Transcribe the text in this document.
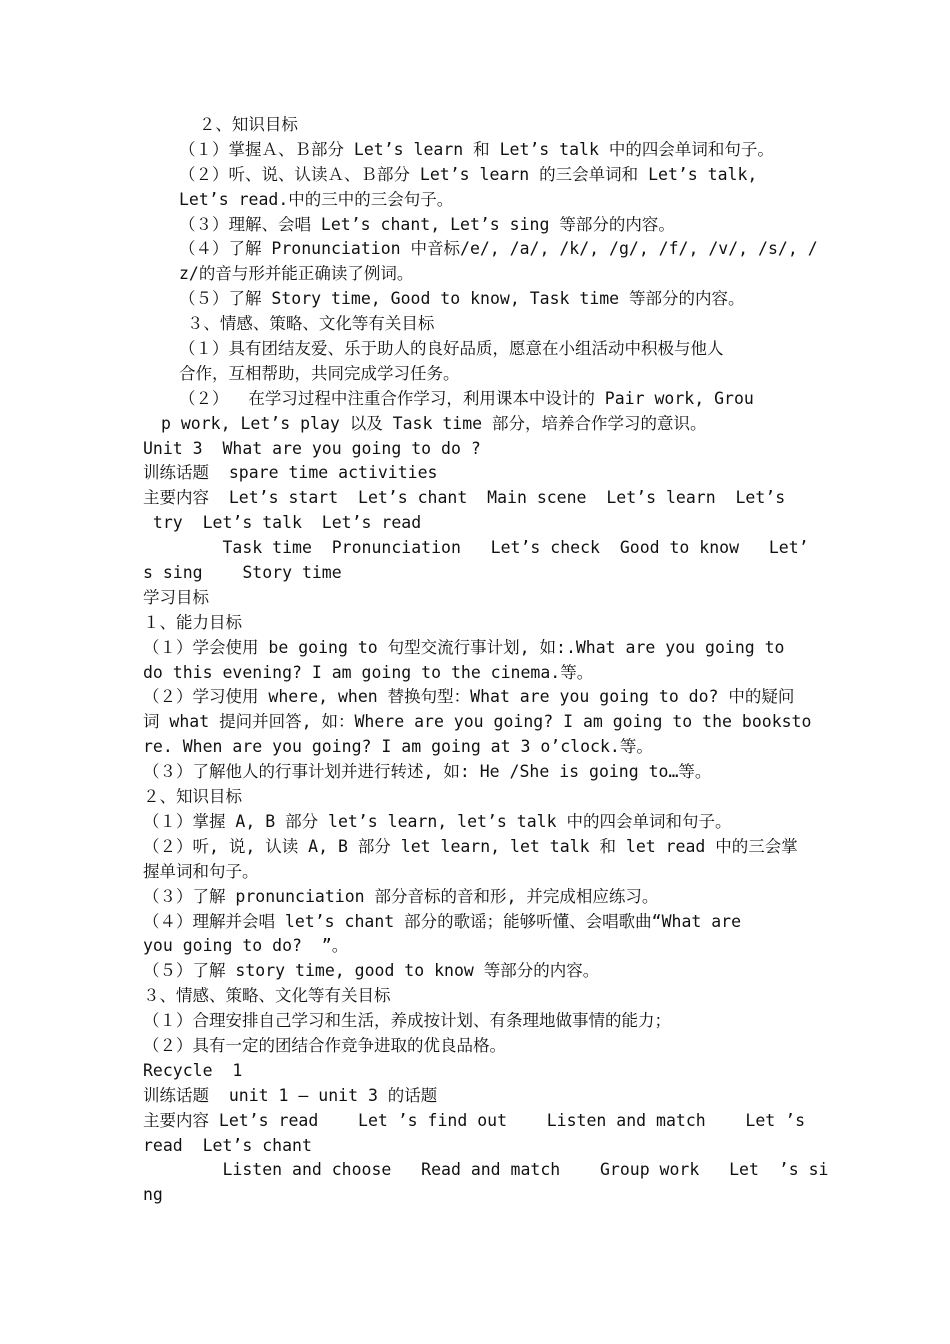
２、知识目标
（１）掌握Ａ、Ｂ部分 Let’s learn 和 Let’s talk 中的四会单词和句子。
（２）听、说、认读Ａ、Ｂ部分 Let’s learn 的三会单词和 Let’s talk,
Let’s read.中的三中的三会句子。
（３）理解、会唱 Let’s chant, Let’s sing 等部分的内容。
（４）了解 Pronunciation 中音标/e/, /a/, /k/, /g/, /f/, /v/, /s/, /
z/的音与形并能正确读了例词。
（５）了解 Story time, Good to know, Task time 等部分的内容。
３、情感、策略、文化等有关目标
（１）具有团结友爱、乐于助人的良好品质，愿意在小组活动中积极与他人
合作，互相帮助，共同完成学习任务。
（２）  在学习过程中注重合作学习，利用课本中设计的 Pair work, Grou
p work, Let’s play 以及 Task time 部分，培养合作学习的意识。
Unit 3  What are you going to do ?
训练话题  spare time activities
主要内容  Let’s start  Let’s chant  Main scene  Let’s learn  Let’s
try  Let’s talk  Let’s read
Task time  Pronunciation   Let’s check  Good to know   Let’
s sing    Story time
学习目标
１、能力目标
（１）学会使用 be going to 句型交流行事计划, 如:.What are you going to
do this evening? I am going to the cinema.等。
（２）学习使用 where, when 替换句型：What are you going to do? 中的疑问
词 what 提问并回答, 如：Where are you going? I am going to the booksto
re. When are you going? I am going at 3 o’clock.等。
（３）了解他人的行事计划并进行转述, 如: He /She is going to…等。
２、知识目标
（１）掌握 A, B 部分 let’s learn, let’s talk 中的四会单词和句子。
（２）听, 说, 认读 A, B 部分 let learn, let talk 和 let read 中的三会掌
握单词和句子。
（３）了解 pronunciation 部分音标的音和形, 并完成相应练习。
（４）理解并会唱 let’s chant 部分的歌谣；能够听懂、会唱歌曲“What are
you going to do?  ”。
（５）了解 story time, good to know 等部分的内容。
３、情感、策略、文化等有关目标
（１）合理安排自己学习和生活，养成按计划、有条理地做事情的能力；
（２）具有一定的团结合作竞争进取的优良品格。
Recycle  1
训练话题  unit 1 — unit 3 的话题
主要内容 Let’s read    Let ’s find out    Listen and match    Let ’s
read  Let’s chant
Listen and choose   Read and match    Group work   Let  ’s si
ng
